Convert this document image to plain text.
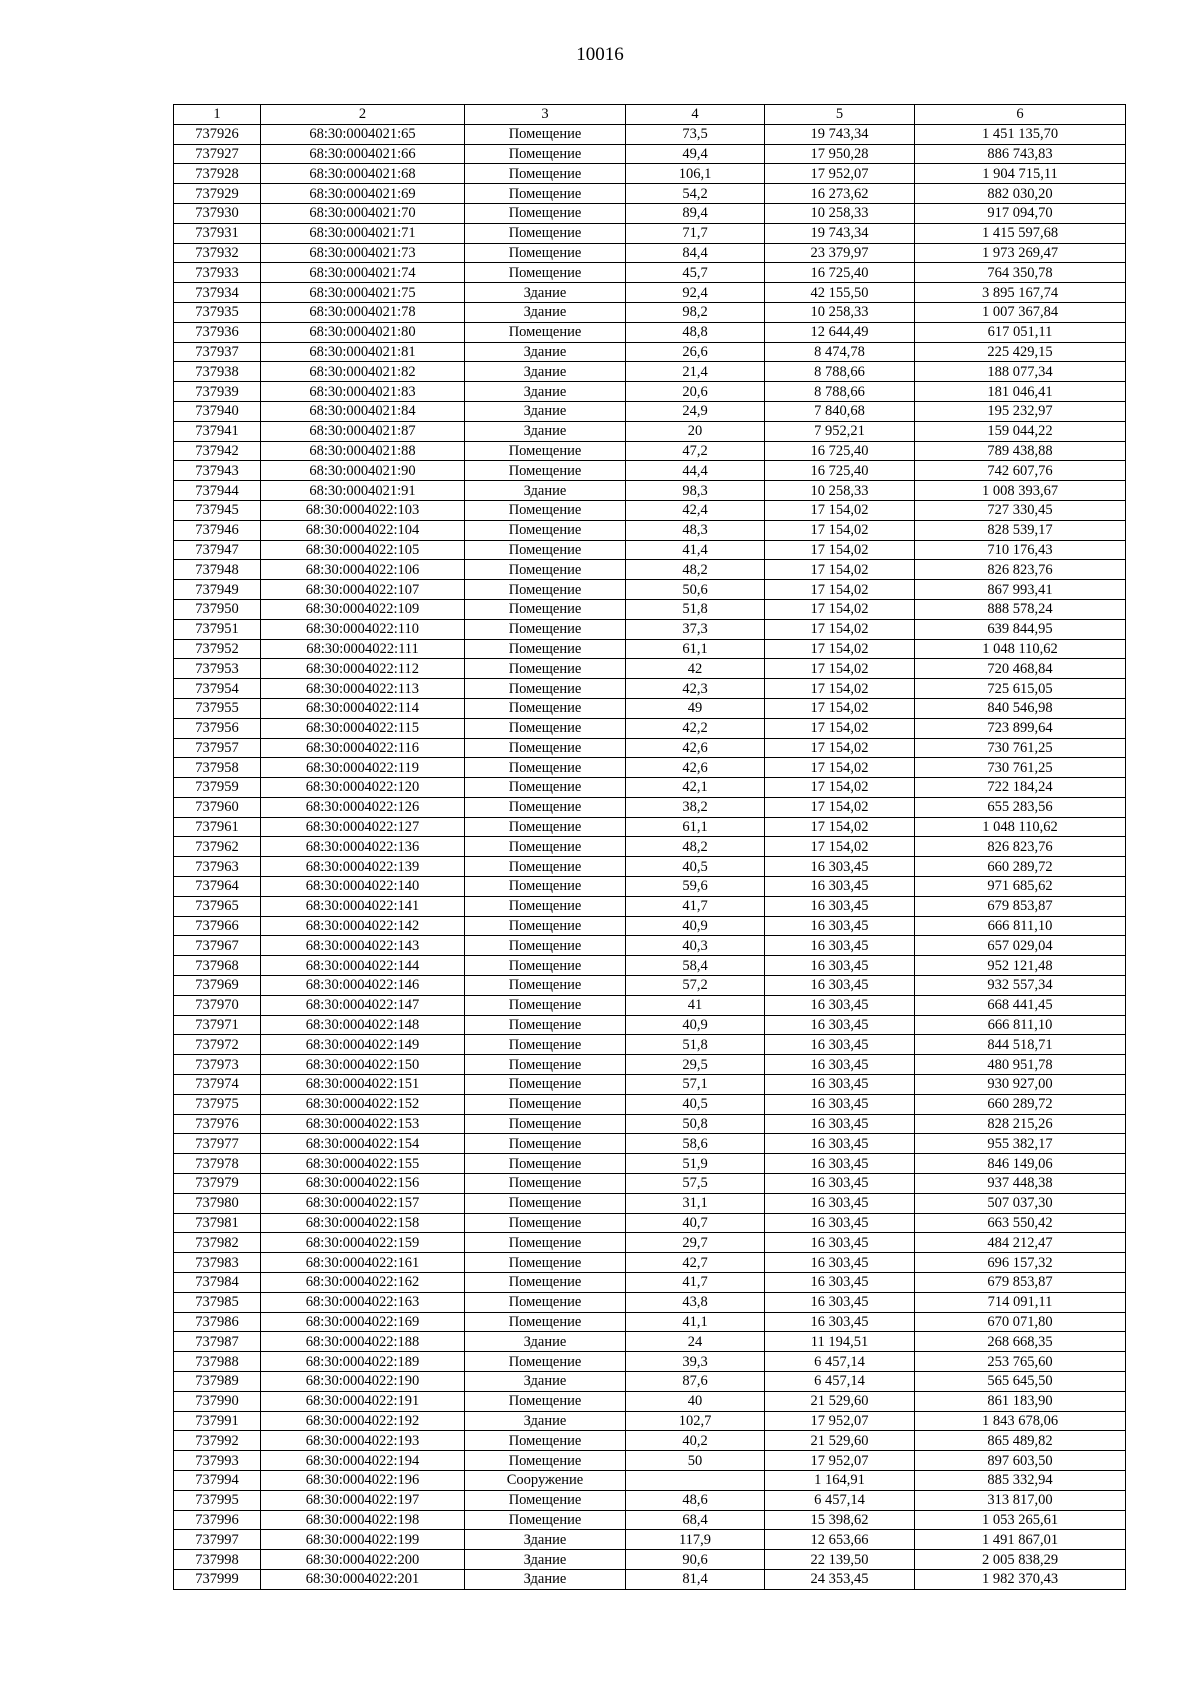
10016
1	2	3	4	5	6
737926	68:30:0004021:65	Помещение	73,5	19 743,34	1 451 135,70
737927	68:30:0004021:66	Помещение	49,4	17 950,28	886 743,83
737928	68:30:0004021:68	Помещение	106,1	17 952,07	1 904 715,11
737929	68:30:0004021:69	Помещение	54,2	16 273,62	882 030,20
737930	68:30:0004021:70	Помещение	89,4	10 258,33	917 094,70
737931	68:30:0004021:71	Помещение	71,7	19 743,34	1 415 597,68
737932	68:30:0004021:73	Помещение	84,4	23 379,97	1 973 269,47
737933	68:30:0004021:74	Помещение	45,7	16 725,40	764 350,78
737934	68:30:0004021:75	Здание	92,4	42 155,50	3 895 167,74
737935	68:30:0004021:78	Здание	98,2	10 258,33	1 007 367,84
737936	68:30:0004021:80	Помещение	48,8	12 644,49	617 051,11
737937	68:30:0004021:81	Здание	26,6	8 474,78	225 429,15
737938	68:30:0004021:82	Здание	21,4	8 788,66	188 077,34
737939	68:30:0004021:83	Здание	20,6	8 788,66	181 046,41
737940	68:30:0004021:84	Здание	24,9	7 840,68	195 232,97
737941	68:30:0004021:87	Здание	20	7 952,21	159 044,22
737942	68:30:0004021:88	Помещение	47,2	16 725,40	789 438,88
737943	68:30:0004021:90	Помещение	44,4	16 725,40	742 607,76
737944	68:30:0004021:91	Здание	98,3	10 258,33	1 008 393,67
737945	68:30:0004022:103	Помещение	42,4	17 154,02	727 330,45
737946	68:30:0004022:104	Помещение	48,3	17 154,02	828 539,17
737947	68:30:0004022:105	Помещение	41,4	17 154,02	710 176,43
737948	68:30:0004022:106	Помещение	48,2	17 154,02	826 823,76
737949	68:30:0004022:107	Помещение	50,6	17 154,02	867 993,41
737950	68:30:0004022:109	Помещение	51,8	17 154,02	888 578,24
737951	68:30:0004022:110	Помещение	37,3	17 154,02	639 844,95
737952	68:30:0004022:111	Помещение	61,1	17 154,02	1 048 110,62
737953	68:30:0004022:112	Помещение	42	17 154,02	720 468,84
737954	68:30:0004022:113	Помещение	42,3	17 154,02	725 615,05
737955	68:30:0004022:114	Помещение	49	17 154,02	840 546,98
737956	68:30:0004022:115	Помещение	42,2	17 154,02	723 899,64
737957	68:30:0004022:116	Помещение	42,6	17 154,02	730 761,25
737958	68:30:0004022:119	Помещение	42,6	17 154,02	730 761,25
737959	68:30:0004022:120	Помещение	42,1	17 154,02	722 184,24
737960	68:30:0004022:126	Помещение	38,2	17 154,02	655 283,56
737961	68:30:0004022:127	Помещение	61,1	17 154,02	1 048 110,62
737962	68:30:0004022:136	Помещение	48,2	17 154,02	826 823,76
737963	68:30:0004022:139	Помещение	40,5	16 303,45	660 289,72
737964	68:30:0004022:140	Помещение	59,6	16 303,45	971 685,62
737965	68:30:0004022:141	Помещение	41,7	16 303,45	679 853,87
737966	68:30:0004022:142	Помещение	40,9	16 303,45	666 811,10
737967	68:30:0004022:143	Помещение	40,3	16 303,45	657 029,04
737968	68:30:0004022:144	Помещение	58,4	16 303,45	952 121,48
737969	68:30:0004022:146	Помещение	57,2	16 303,45	932 557,34
737970	68:30:0004022:147	Помещение	41	16 303,45	668 441,45
737971	68:30:0004022:148	Помещение	40,9	16 303,45	666 811,10
737972	68:30:0004022:149	Помещение	51,8	16 303,45	844 518,71
737973	68:30:0004022:150	Помещение	29,5	16 303,45	480 951,78
737974	68:30:0004022:151	Помещение	57,1	16 303,45	930 927,00
737975	68:30:0004022:152	Помещение	40,5	16 303,45	660 289,72
737976	68:30:0004022:153	Помещение	50,8	16 303,45	828 215,26
737977	68:30:0004022:154	Помещение	58,6	16 303,45	955 382,17
737978	68:30:0004022:155	Помещение	51,9	16 303,45	846 149,06
737979	68:30:0004022:156	Помещение	57,5	16 303,45	937 448,38
737980	68:30:0004022:157	Помещение	31,1	16 303,45	507 037,30
737981	68:30:0004022:158	Помещение	40,7	16 303,45	663 550,42
737982	68:30:0004022:159	Помещение	29,7	16 303,45	484 212,47
737983	68:30:0004022:161	Помещение	42,7	16 303,45	696 157,32
737984	68:30:0004022:162	Помещение	41,7	16 303,45	679 853,87
737985	68:30:0004022:163	Помещение	43,8	16 303,45	714 091,11
737986	68:30:0004022:169	Помещение	41,1	16 303,45	670 071,80
737987	68:30:0004022:188	Здание	24	11 194,51	268 668,35
737988	68:30:0004022:189	Помещение	39,3	6 457,14	253 765,60
737989	68:30:0004022:190	Здание	87,6	6 457,14	565 645,50
737990	68:30:0004022:191	Помещение	40	21 529,60	861 183,90
737991	68:30:0004022:192	Здание	102,7	17 952,07	1 843 678,06
737992	68:30:0004022:193	Помещение	40,2	21 529,60	865 489,82
737993	68:30:0004022:194	Помещение	50	17 952,07	897 603,50
737994	68:30:0004022:196	Сооружение		1 164,91	885 332,94
737995	68:30:0004022:197	Помещение	48,6	6 457,14	313 817,00
737996	68:30:0004022:198	Помещение	68,4	15 398,62	1 053 265,61
737997	68:30:0004022:199	Здание	117,9	12 653,66	1 491 867,01
737998	68:30:0004022:200	Здание	90,6	22 139,50	2 005 838,29
737999	68:30:0004022:201	Здание	81,4	24 353,45	1 982 370,43
